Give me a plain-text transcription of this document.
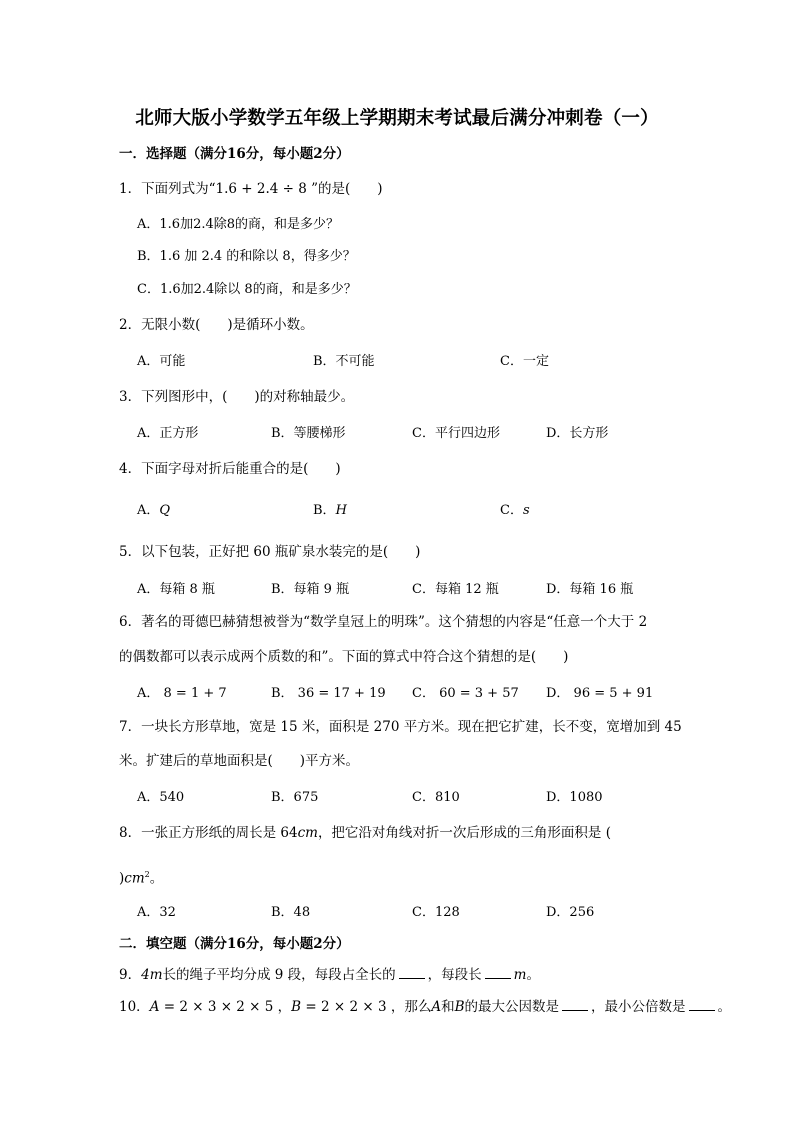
北师大版小学数学五年级上学期期末考试最后满分冲刺卷（一）
一．选择题（满分16分，每小题2分）
1．下面列式为“1.6 + 2.4 ÷ 8 ”的是(　　)
A．1.6加2.4除8的商，和是多少？
B．1.6 加 2.4 的和除以 8，得多少？
C．1.6加2.4除以 8的商，和是多少？
2．无限小数(　　)是循环小数。
A．可能	B．不可能	C．一定
3．下列图形中，(　　)的对称轴最少。
A．正方形	B．等腰梯形	C．平行四边形	D．长方形
4．下面字母对折后能重合的是(　　)
A．Q	B．H	C．s
5．以下包装，正好把 60 瓶矿泉水装完的是(　　)
A．每箱 8 瓶	B．每箱 9 瓶	C．每箱 12 瓶	D．每箱 16 瓶
6．著名的哥德巴赫猜想被誉为“数学皇冠上的明珠”。这个猜想的内容是“任意一个大于 2
的偶数都可以表示成两个质数的和”。下面的算式中符合这个猜想的是(　　)
A． 8 = 1 + 7	B． 36 = 17 + 19 C． 60 = 3 + 57 D． 96 = 5 + 91
7．一块长方形草地，宽是 15 米，面积是 270 平方米。现在把它扩建，长不变，宽增加到 45
米。扩建后的草地面积是(　　)平方米。
A．540	B．675	C．810	D．1080
8．一张正方形纸的周长是 64cm，把它沿对角线对折一次后形成的三角形面积是 (
)$cm^2$。
A．32	B．48	C．128	D．256
二．填空题（满分16分，每小题2分）
9．4m长的绳子平均分成 9 段，每段占全长的 ，每段长 m。
10．A = 2 × 3 × 2 × 5 ，B = 2 × 2 × 3 ，那么A和B的最大公因数是 ，最小公倍数是 。
